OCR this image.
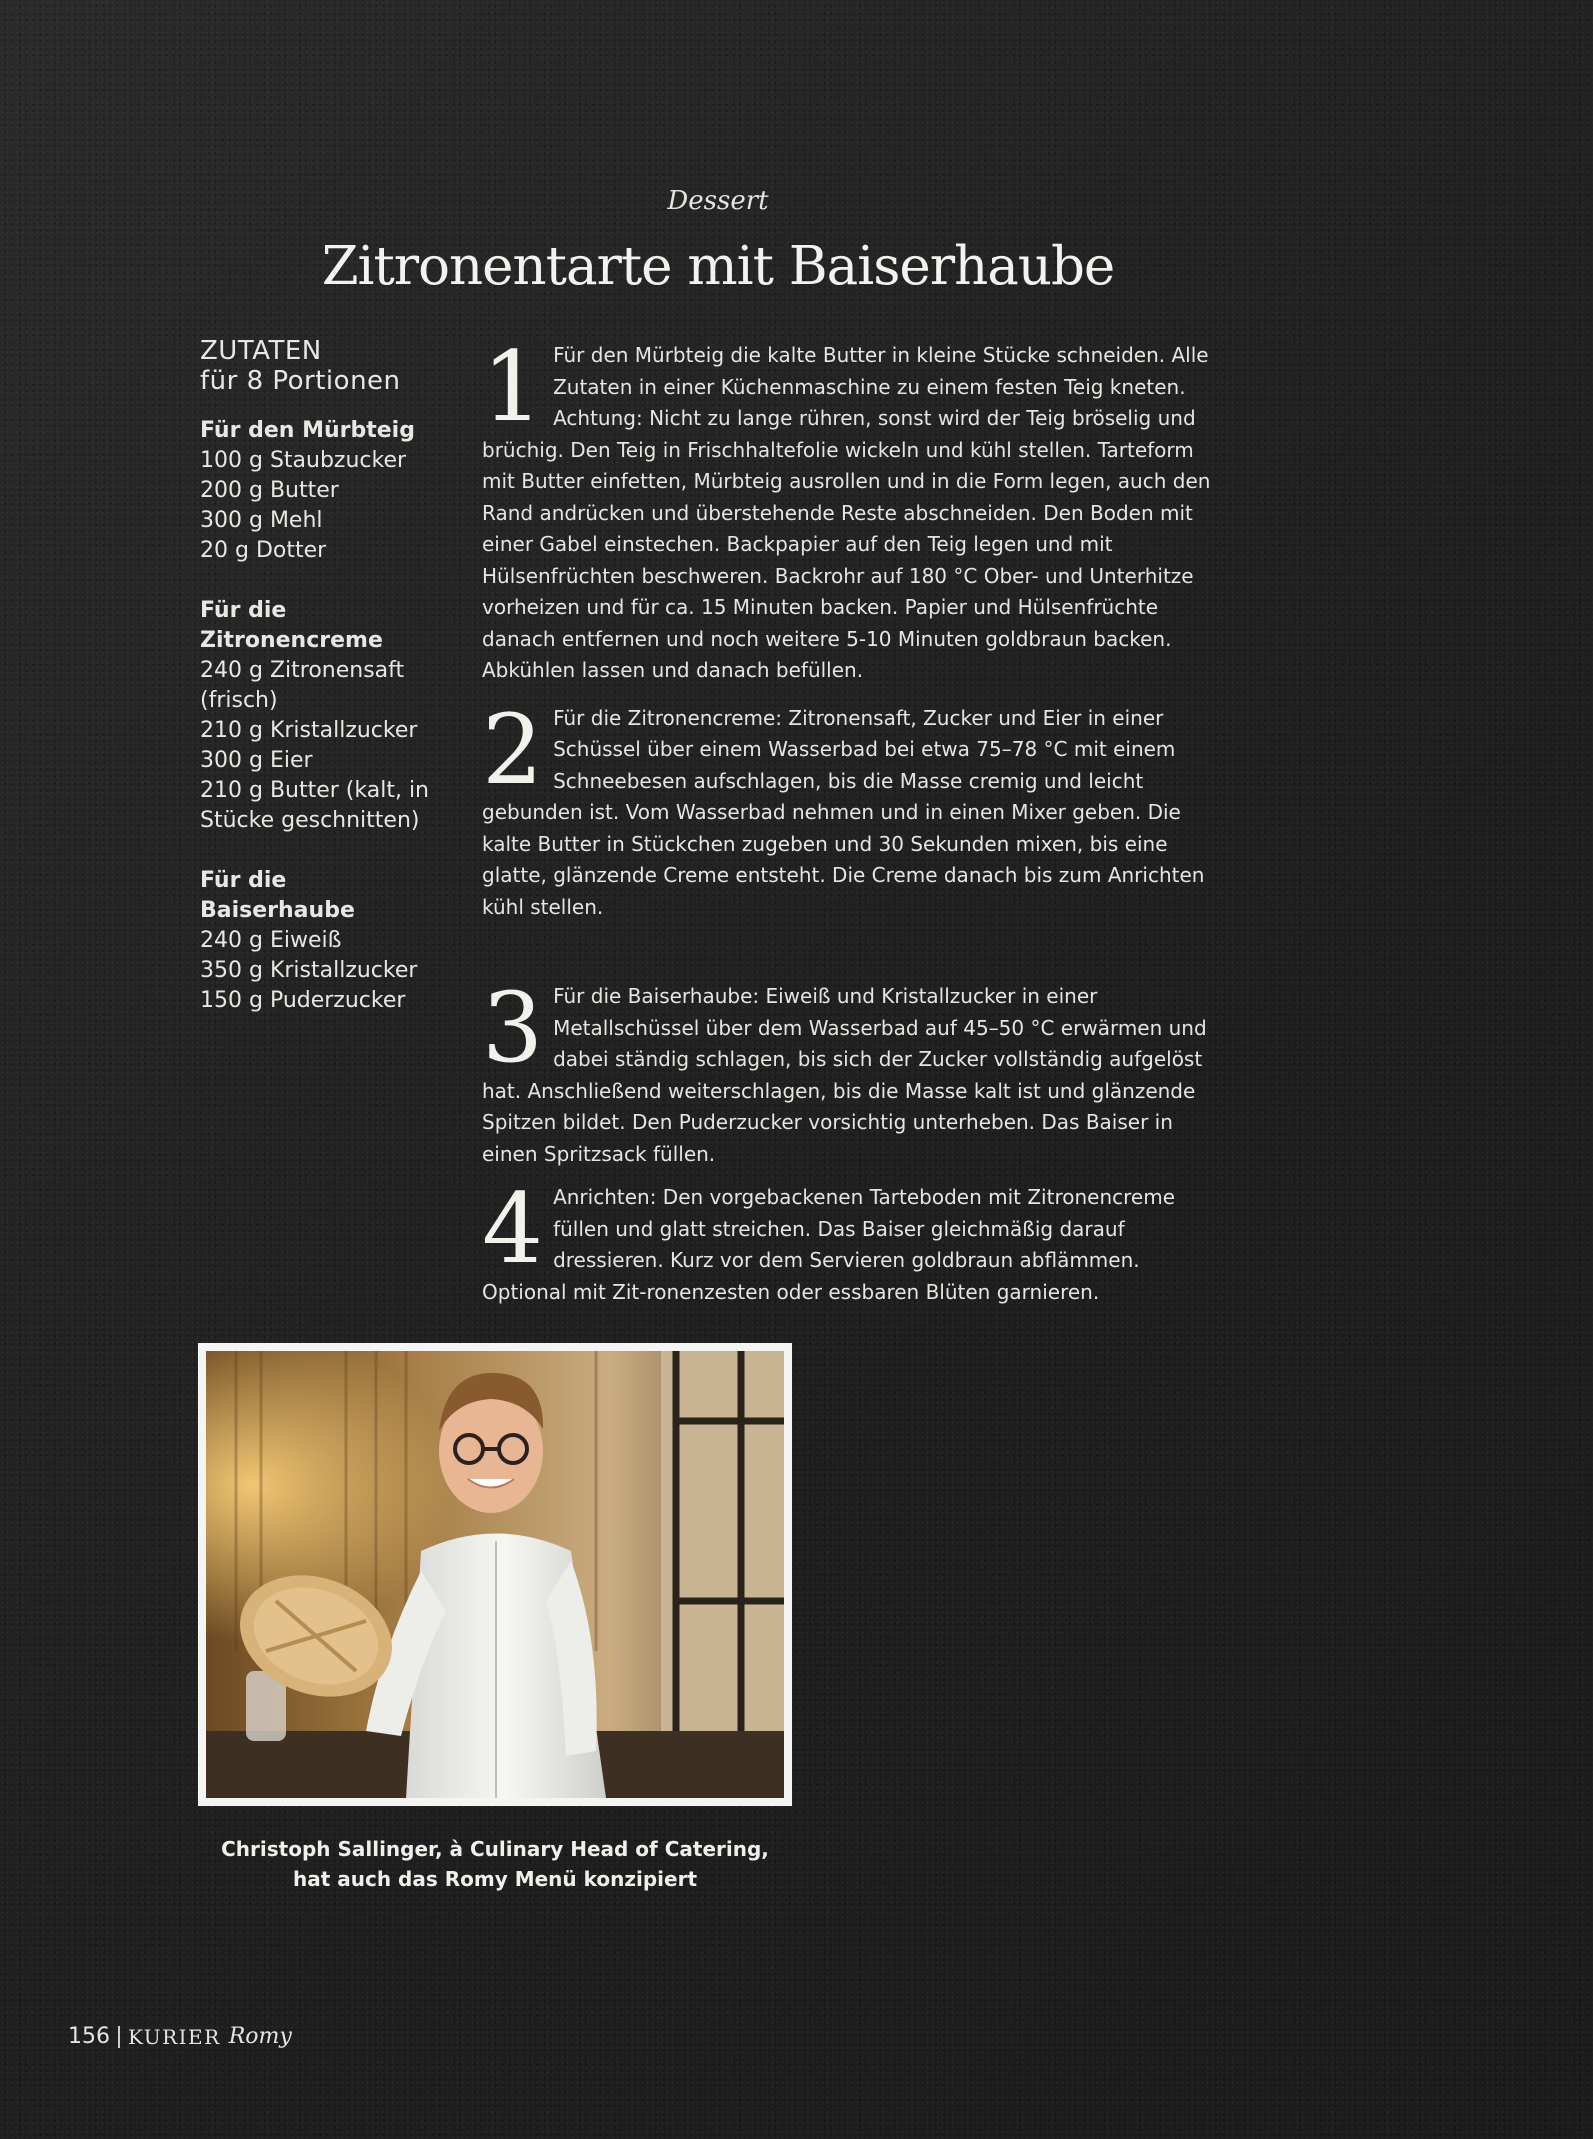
Dessert
Zitronentarte mit Baiserhaube
ZUTATEN
für 8 Portionen
Für den Mürbteig
100 g Staubzucker
200 g Butter
300 g Mehl
20 g Dotter
Für die
Zitronencreme
240 g Zitronensaft
(frisch)
210 g Kristallzucker
300 g Eier
210 g Butter (kalt, in
Stücke geschnitten)
Für die Baiserhaube
240 g Eiweiß
350 g Kristallzucker
150 g Puderzucker
1 Für den Mürbteig die kalte Butter in kleine Stücke schneiden. Alle Zutaten in einer Küchenmaschine zu einem festen Teig kneten. Achtung: Nicht zu lange rühren, sonst wird der Teig bröselig und brüchig. Den Teig in Frischhaltefolie wickeln und kühl stellen. Tarteform mit Butter einfetten, Mürbteig ausrollen und in die Form legen, auch den Rand andrücken und überstehende Reste abschneiden. Den Boden mit einer Gabel einstechen. Backpapier auf den Teig legen und mit Hülsenfrüchten beschweren. Backrohr auf 180 °C Ober- und Unterhitze vorheizen und für ca. 15 Minuten backen. Papier und Hülsenfrüchte danach entfernen und noch weitere 5-10 Minuten goldbraun backen. Abkühlen lassen und danach befüllen.

2 Für die Zitronencreme: Zitronensaft, Zucker und Eier in einer Schüssel über einem Wasserbad bei etwa 75–78 °C mit einem Schneebesen aufschlagen, bis die Masse cremig und leicht gebunden ist. Vom Wasserbad nehmen und in einen Mixer geben. Die kalte Butter in Stückchen zugeben und 30 Sekunden mixen, bis eine glatte, glänzende Creme entsteht. Die Creme danach bis zum Anrichten kühl stellen.

3 Für die Baiserhaube: Eiweiß und Kristallzucker in einer Metallschüssel über dem Wasserbad auf 45–50 °C erwärmen und dabei ständig schlagen, bis sich der Zucker vollständig aufgelöst hat. Anschließend weiterschlagen, bis die Masse kalt ist und glänzende Spitzen bildet. Den Puderzucker vorsichtig unterheben. Das Baiser in einen Spritzsack füllen.

4 Anrichten: Den vorgebackenen Tarteboden mit Zitronencreme füllen und glatt streichen. Das Baiser gleichmäßig darauf dressieren. Kurz vor dem Servieren goldbraun abflämmen. Optional mit Zit-ronenzesten oder essbaren Blüten garnieren.

Christoph Sallinger, à Culinary Head of Catering,
hat auch das Romy Menü konzipiert
156 KURIER Romy
